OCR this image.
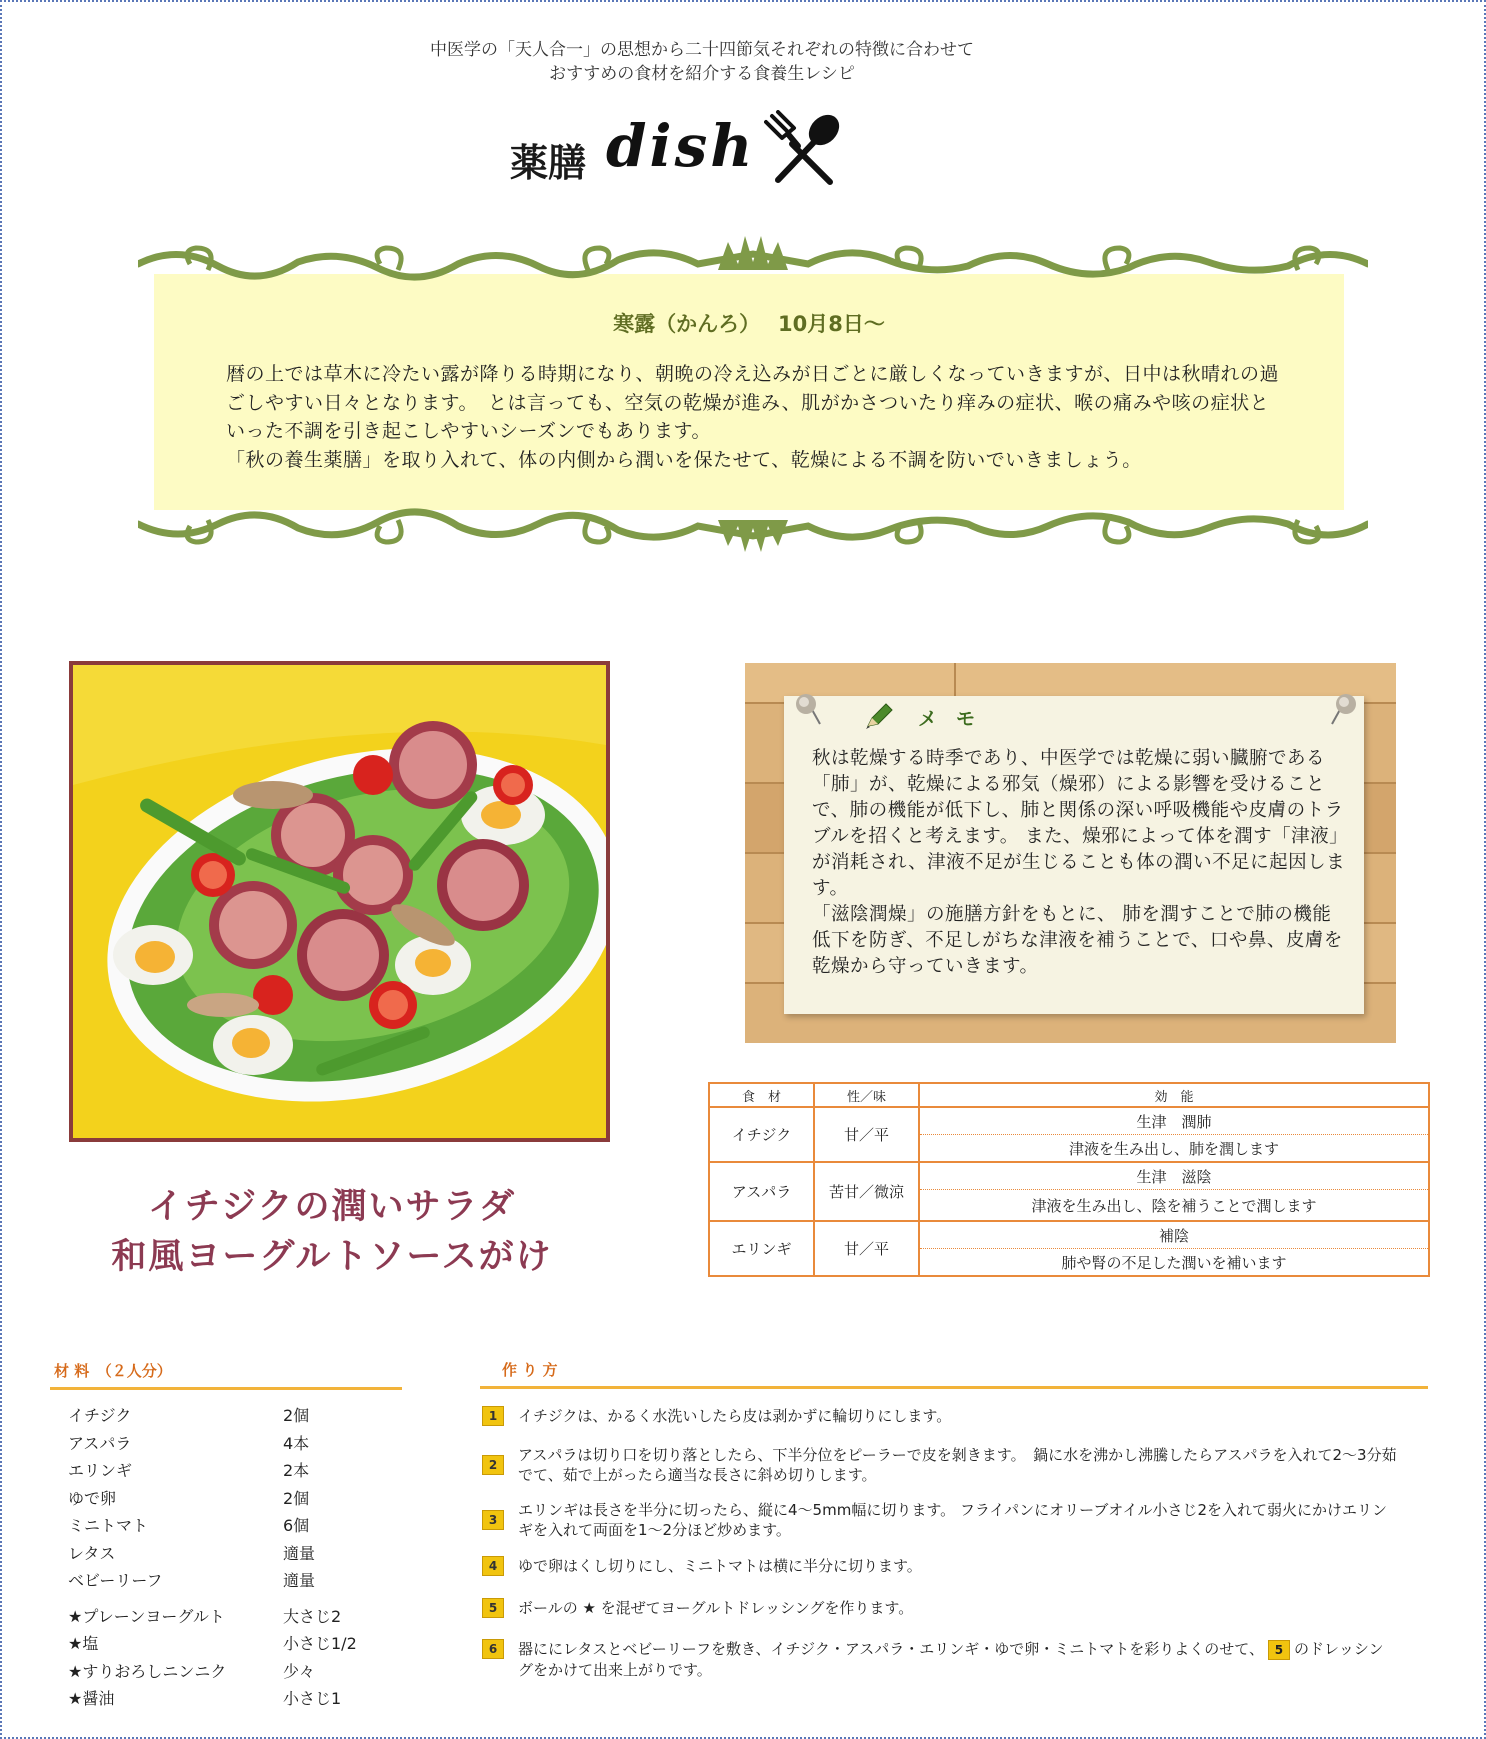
中医学の「天人合一」の思想から二十四節気それぞれの特徴に合わせて
おすすめの食材を紹介する食養生レシピ
薬膳 dish
寒露（かんろ）　 10月8日～

暦の上では草木に冷たい露が降りる時期になり、朝晩の冷え込みが日ごとに厳しくなっていきますが、日中は秋晴れの過ごしやすい日々となります。　とは言っても、空気の乾燥が進み、肌がかさついたり痒みの症状、喉の痛みや咳の症状といった不調を引き起こしやすいシーズンでもあります。

「秋の養生薬膳」を取り入れて、体の内側から潤いを保たせて、乾燥による不調を防いでいきましょう。

イチジクの潤いサラダ
和風ヨーグルトソースがけ
メ　モ

秋は乾燥する時季であり、中医学では乾燥に弱い臓腑である「肺」が、乾燥による邪気（燥邪）による影響を受けることで、肺の機能が低下し、肺と関係の深い呼吸機能や皮膚のトラブルを招くと考えます。 また、燥邪によって体を潤す「津液」が消耗され、津液不足が生じることも体の潤い不足に起因します。

「滋陰潤燥」の施膳方針をもとに、 肺を潤すことで肺の機能低下を防ぎ、不足しがちな津液を補うことで、口や鼻、皮膚を乾燥から守っていきます。

食　材	性／味	効　能
イチジク	甘／平	生津　潤肺
		津液を生み出し、肺を潤します
アスパラ	苦甘／微涼	生津　滋陰
		津液を生み出し、陰を補うことで潤します
エリンギ	甘／平	補陰
		肺や腎の不足した潤いを補います
材 料　（２人分）
イチジク	2個
アスパラ	4本
エリンギ	2本
ゆで卵	2個
ミニトマト	6個
レタス	適量
ベビーリーフ	適量
★プレーンヨーグルト	大さじ2
★塩	小さじ1/2
★すりおろしニンニク	少々
★醤油	小さじ1
作 り 方
1	イチジクは、かるく水洗いしたら皮は剥かずに輪切りにします。
2
アスパラは切り口を切り落としたら、下半分位をピーラーで皮を剝きます。　鍋に水を沸かし沸騰したらアスパラを入れて2～3分茹でて、茹で上がったら適当な長さに斜め切りします。
3
エリンギは長さを半分に切ったら、縦に4～5mm幅に切ります。 フライパンにオリーブオイル小さじ2を入れて弱火にかけエリンギを入れて両面を1～2分ほど炒めます。
4	ゆで卵はくし切りにし、ミニトマトは横に半分に切ります。
5	ボールの ★ を混ぜてヨーグルトドレッシングを作ります。
6	器ににレタスとベビーリーフを敷き、イチジク・アスパラ・エリンギ・ゆで卵・ミニトマトを彩りよくのせて、 5 のドレッシングをかけて出来上がりです。
